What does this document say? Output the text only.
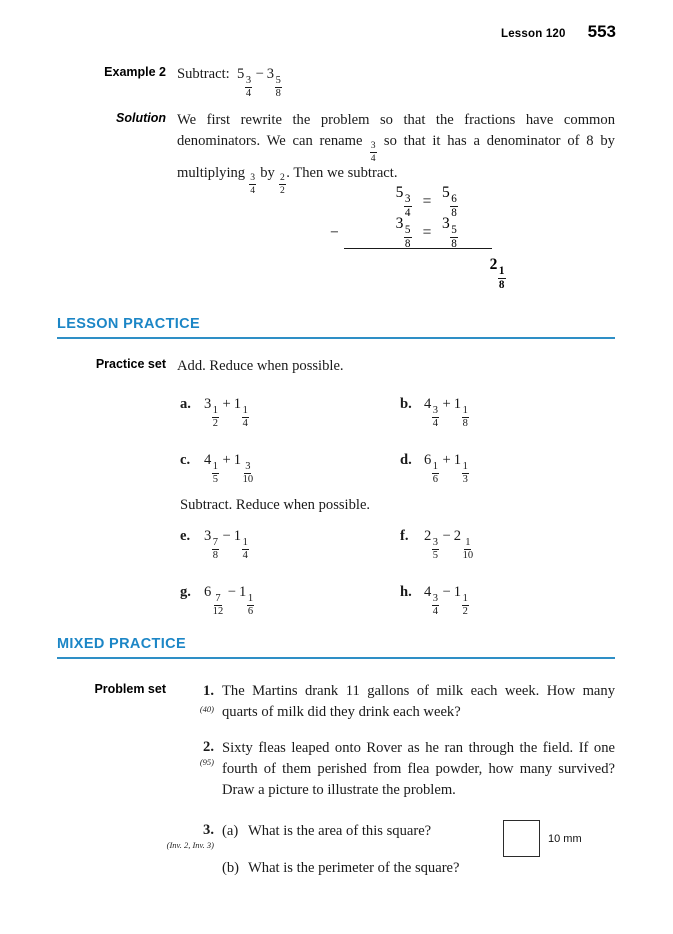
Lesson 120 553
Example 2 Subtract: 5
$\frac{3}{4}$
− 3
$\frac{5}{8}$
Solution We first rewrite the problem so that the fractions have common denominators. We can rename
$\frac{3}{4}$
so that it has a denominator of 8 by multiplying
$\frac{3}{4}$
by
$\frac{2}{2}$
. Then we subtract.
5
$\frac{3}{4}$ =
5
$\frac{6}{8}$
−
3
$\frac{5}{8}$ =
3
$\frac{5}{8}$
2
$\frac{1}{8}$
LESSON PRACTICE
Practice set Add. Reduce when possible.
a. 3
$\frac{1}{2}$
+ 1
$\frac{1}{4}$
b. 4
$\frac{3}{4}$
+ 1
$\frac{1}{8}$
c. 4
$\frac{1}{5}$
+ 1
$\frac{3}{10}$
d. 6
$\frac{1}{6}$
+ 1
$\frac{1}{3}$
Subtract. Reduce when possible.
e. 3
$\frac{7}{8}$
− 1
$\frac{1}{4}$
f.	2
$\frac{3}{5}$
− 2
$\frac{1}{10}$
g. 6
$\frac{7}{12}$
− 1
$\frac{1}{6}$
h. 4
$\frac{3}{4}$
− 1
$\frac{1}{2}$
MIXED PRACTICE
Problem set	1.
(40)
The Martins drank 11 gallons of milk each week. How many quarts of milk did they drink each week?
2.
(95)
Sixty fleas leaped onto Rover as he ran through the field. If one fourth of them perished from flea powder, how many survived? Draw a picture to illustrate the problem.
3.
(Inv. 2, Inv. 3)
(a) What is the area of this square?
(b) What is the perimeter of the square?
10 mm
